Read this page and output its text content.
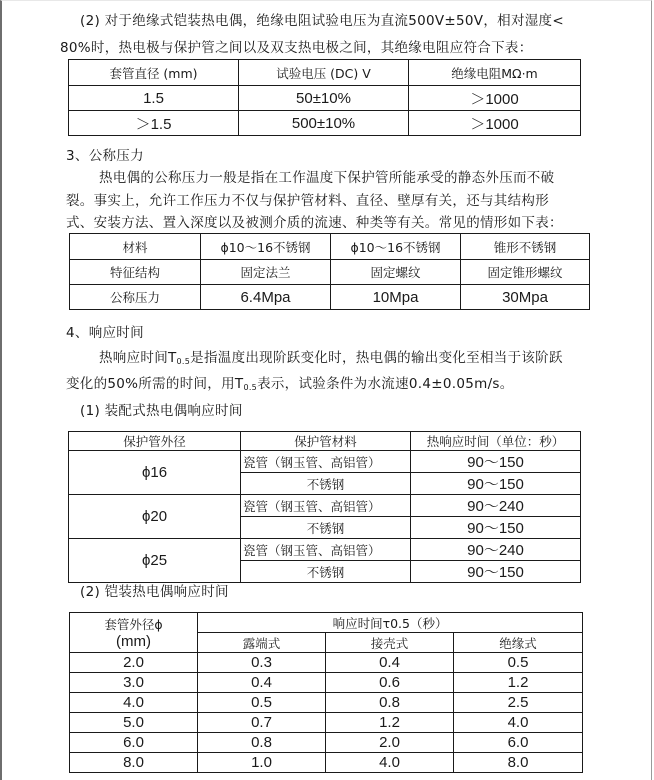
(2) 对于绝缘式铠装热电偶，绝缘电阻试验电压为直流500V±50V，相对湿度<
80%时，热电极与保护管之间以及双支热电极之间，其绝缘电阻应符合下表：
套管直径 (mm)	试验电压 (DC) V	绝缘电阻MΩ·m
1.5	50±10%	＞1000
＞1.5	500±10%	＞1000
3、公称压力
热电偶的公称压力一般是指在工作温度下保护管所能承受的静态外压而不破
裂。事实上，允许工作压力不仅与保护管材料、直径、壁厚有关，还与其结构形
式、安装方法、置入深度以及被测介质的流速、种类等有关。常见的情形如下表：
材料	ϕ10～16不锈钢	ϕ10～16不锈钢	锥形不锈钢
特征结构	固定法兰	固定螺纹	固定锥形螺纹
公称压力	6.4Mpa	10Mpa	30Mpa
4、响应时间
热响应时间$T_{0.5}$是指温度出现阶跃变化时，热电偶的输出变化至相当于该阶跃
变化的50%所需的时间，用$T_{0.5}$表示，试验条件为水流速0.4±0.05m/s。
(1) 装配式热电偶响应时间
保护管外径	保护管材料	热响应时间（单位：秒）
ϕ16	瓷管（钢玉管、高铝管）	90～150
	不锈钢	90～150
ϕ20	瓷管（钢玉管、高铝管）	90～240
	不锈钢	90～150
ϕ25	瓷管（钢玉管、高铝管）	90～240
	不锈钢	90～150
(2) 铠装热电偶响应时间
套管外径ϕ
(mm)	响应时间τ0.5（秒）		
	露端式	接壳式	绝缘式
2.0	0.3	0.4	0.5
3.0	0.4	0.6	1.2
4.0	0.5	0.8	2.5
5.0	0.7	1.2	4.0
6.0	0.8	2.0	6.0
8.0	1.0	4.0	8.0
